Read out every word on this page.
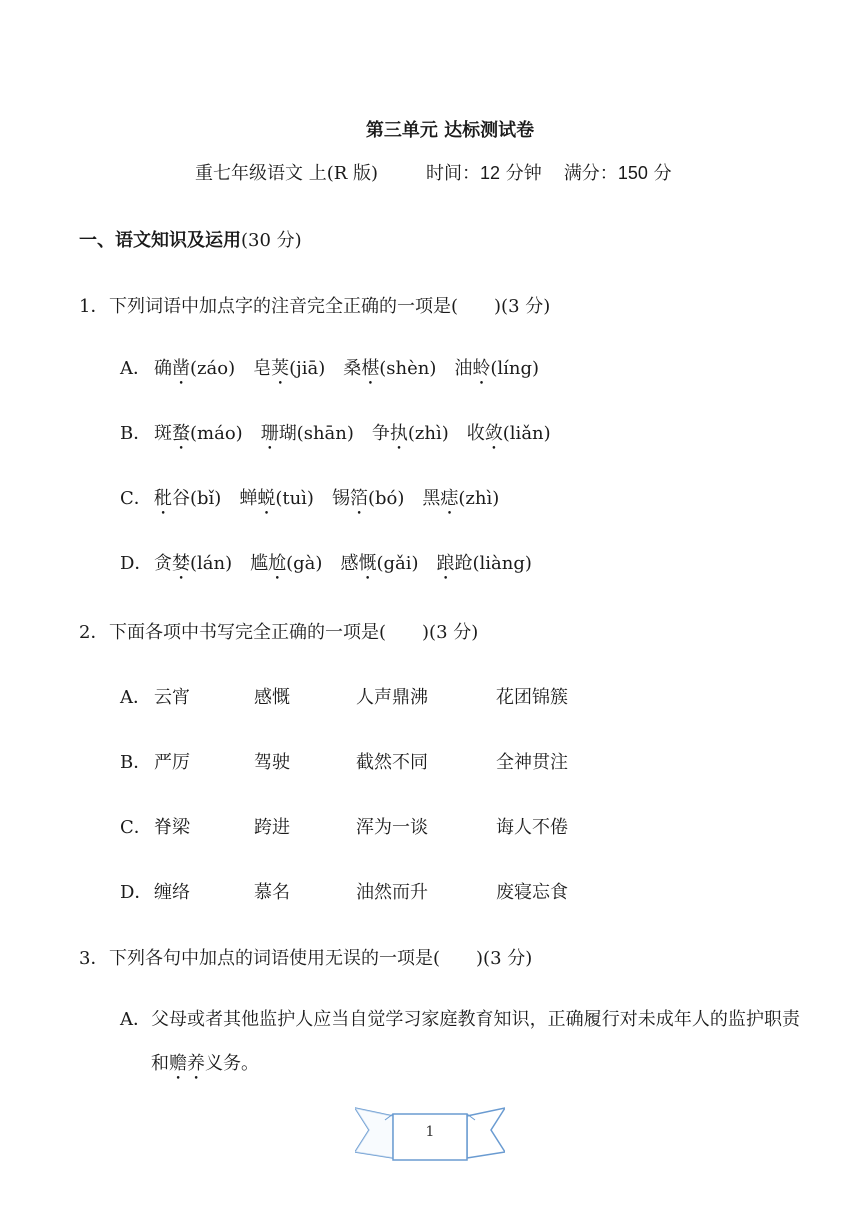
第三单元 达标测试卷
重七年级语文 上(R 版)	时间：12 分钟 满分：150 分
一、语文知识及运用(30 分)
1．下列词语中加点字的注音完全正确的一项是(　　)(3 分)
A． 确凿(záo) 皂荚(jiā) 桑椹(shèn) 油蛉(líng)
B． 斑蝥(máo) 珊瑚(shān) 争执(zhì) 收敛(liǎn)
C． 秕谷(bǐ) 蝉蜕(tuì) 锡箔(bó) 黑痣(zhì)
D．贪婪(lán) 尴尬(gà) 感慨(gǎi) 踉跄(liàng)
2．下面各项中书写完全正确的一项是(　　)(3 分)
A． 云宵	感慨	人声鼎沸	花团锦簇
B． 严厉	驾驶	截然不同	全神贯注
C． 脊梁	跨进	浑为一谈	诲人不倦
D． 缠络	慕名	油然而升	废寝忘食
3．下列各句中加点的词语使用无误的一项是(　　)(3 分)
A． 父母或者其他监护人应当自觉学习家庭教育知识，正确履行对未成年人的监护职责和赡养义务。
1
